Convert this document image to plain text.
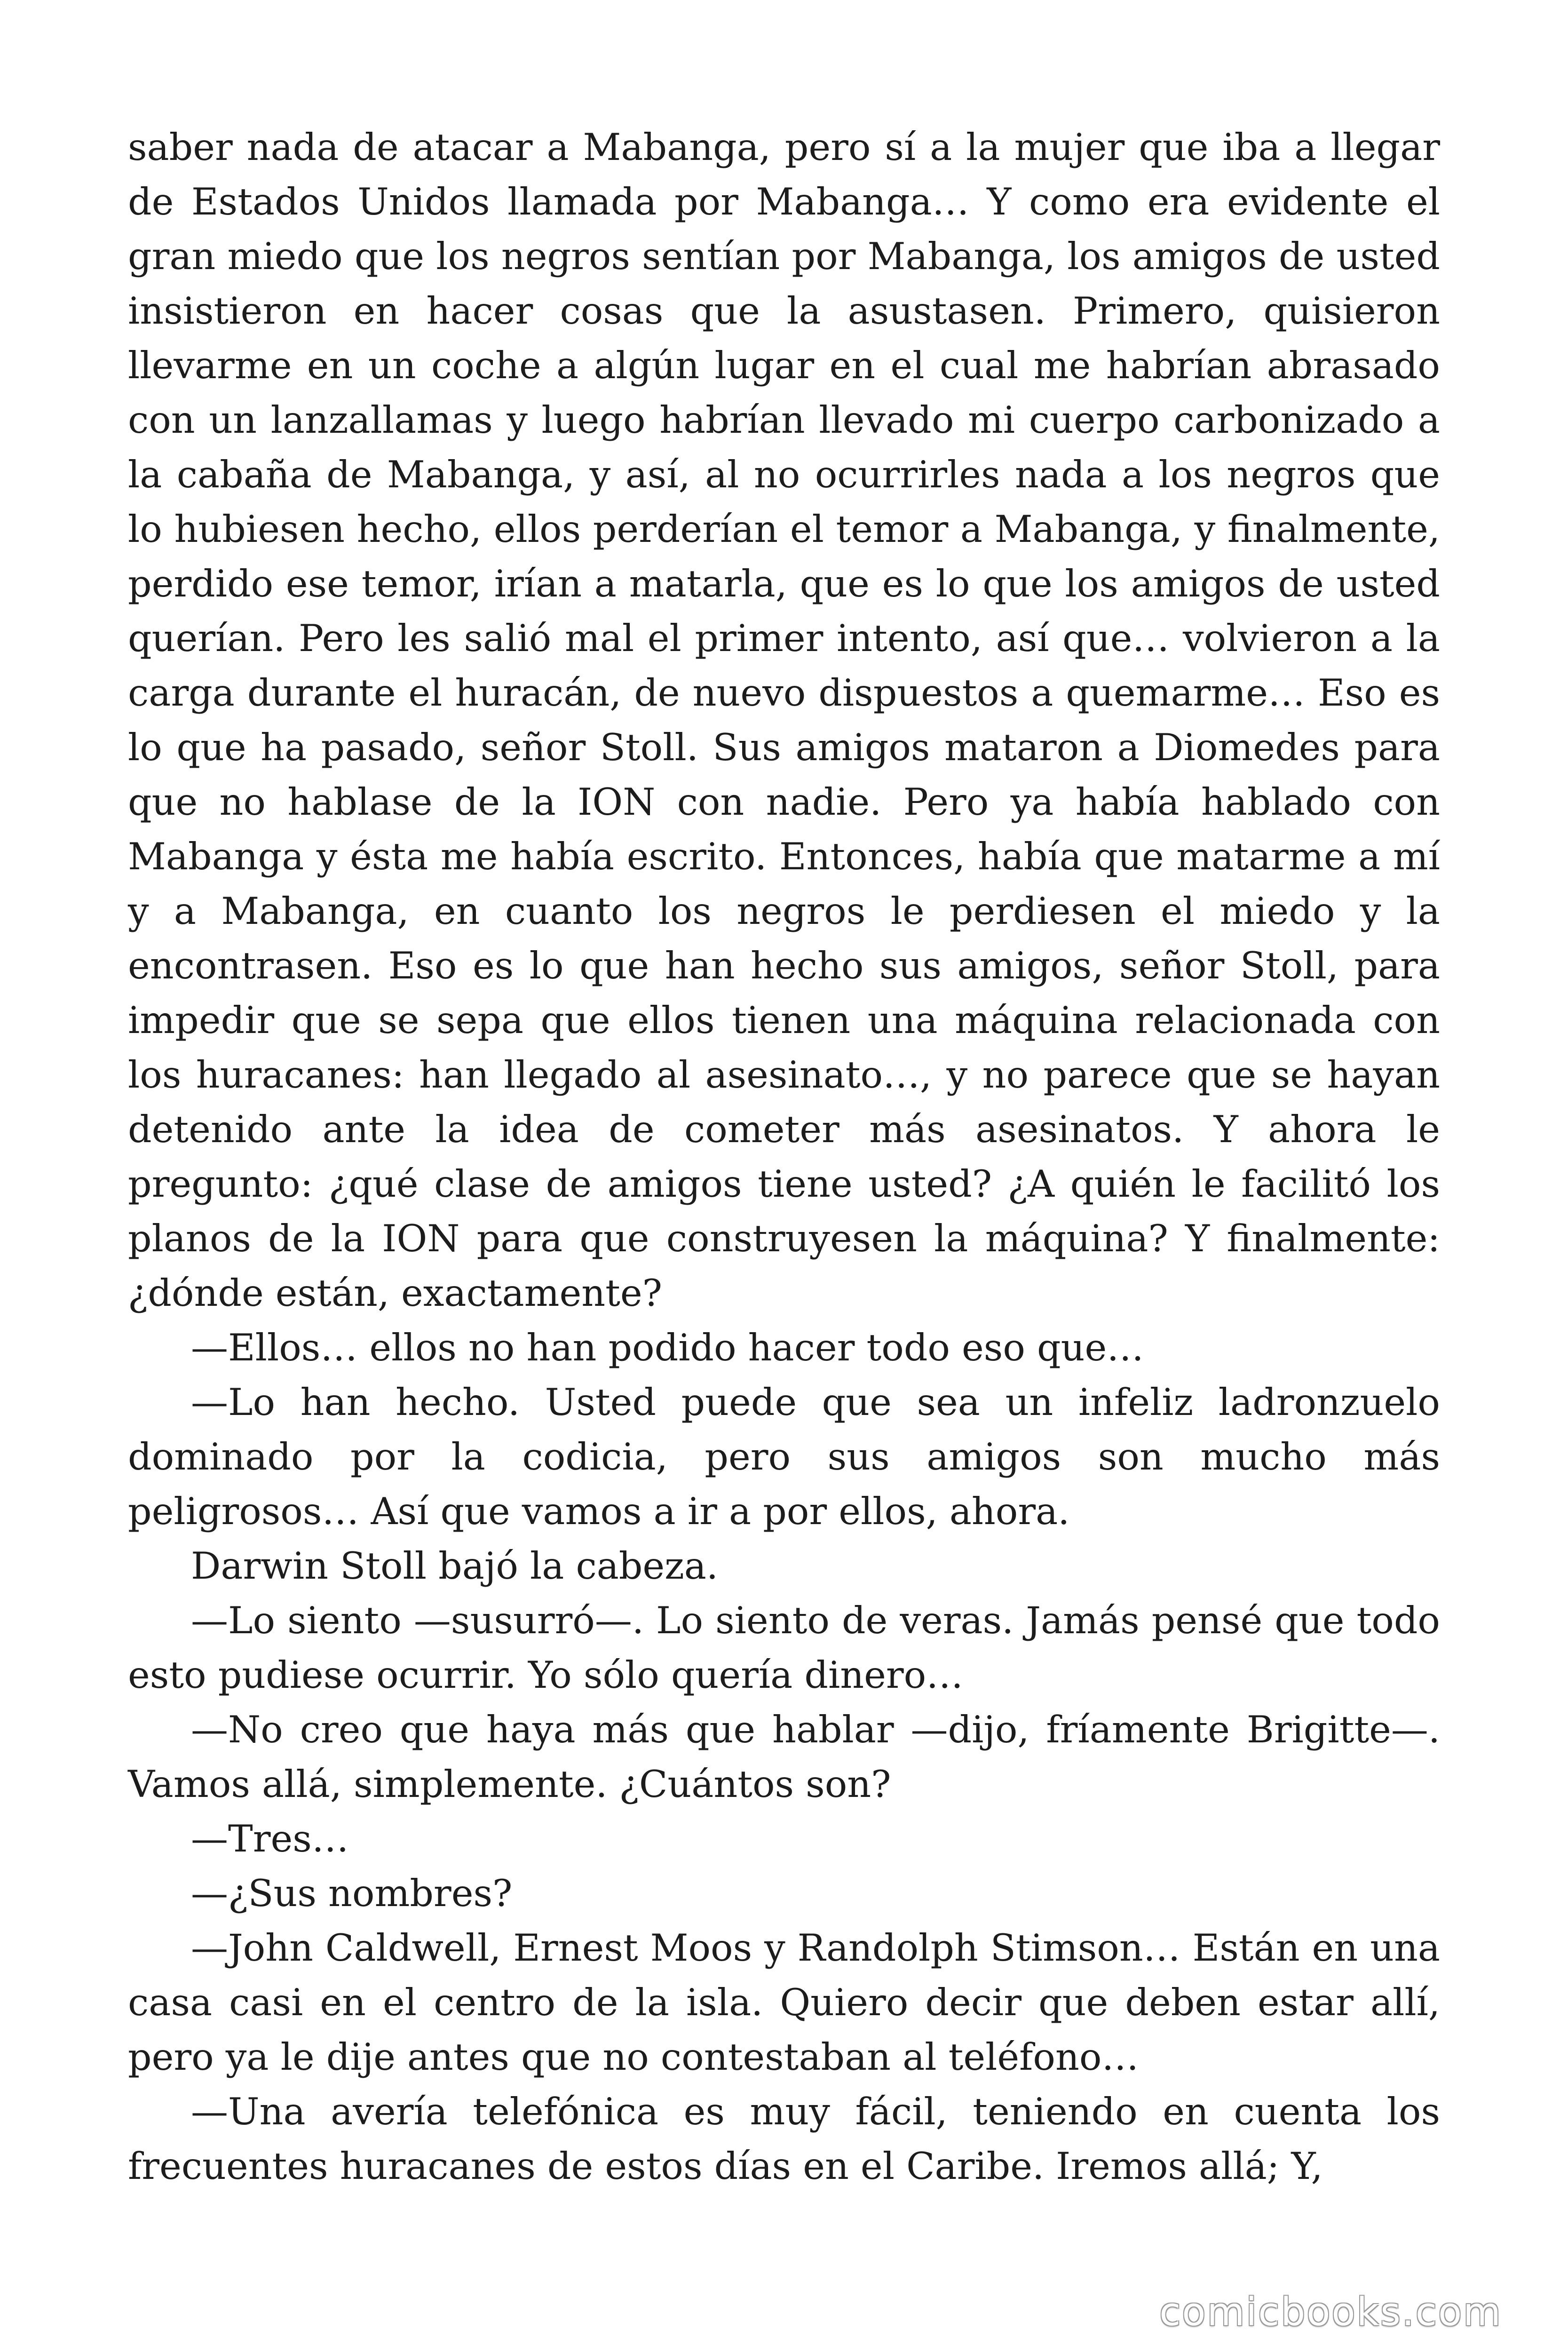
saber nada de atacar a Mabanga, pero sí a la mujer que iba a llegar de Estados Unidos llamada por Mabanga… Y como era evidente el gran miedo que los negros sentían por Mabanga, los amigos de usted insistieron en hacer cosas que la asustasen. Primero, quisieron llevarme en un coche a algún lugar en el cual me habrían abrasado con un lanzallamas y luego habrían llevado mi cuerpo carbonizado a la cabaña de Mabanga, y así, al no ocurrirles nada a los negros que lo hubiesen hecho, ellos perderían el temor a Mabanga, y finalmente, perdido ese temor, irían a matarla, que es lo que los amigos de usted querían. Pero les salió mal el primer intento, así que… volvieron a la carga durante el huracán, de nuevo dispuestos a quemarme… Eso es lo que ha pasado, señor Stoll. Sus amigos mataron a Diomedes para que no hablase de la ION con nadie. Pero ya había hablado con Mabanga y ésta me había escrito. Entonces, había que matarme a mí y a Mabanga, en cuanto los negros le perdiesen el miedo y la encontrasen. Eso es lo que han hecho sus amigos, señor Stoll, para impedir que se sepa que ellos tienen una máquina relacionada con los huracanes: han llegado al asesinato…, y no parece que se hayan detenido ante la idea de cometer más asesinatos. Y ahora le pregunto: ¿qué clase de amigos tiene usted? ¿A quién le facilitó los planos de la ION para que construyesen la máquina? Y finalmente: ¿dónde están, exactamente?

—Ellos… ellos no han podido hacer todo eso que…

—Lo han hecho. Usted puede que sea un infeliz ladronzuelo dominado por la codicia, pero sus amigos son mucho más peligrosos… Así que vamos a ir a por ellos, ahora.

Darwin Stoll bajó la cabeza.

—Lo siento —susurró—. Lo siento de veras. Jamás pensé que todo esto pudiese ocurrir. Yo sólo quería dinero…

—No creo que haya más que hablar —dijo, fríamente Brigitte—. Vamos allá, simplemente. ¿Cuántos son?

—Tres…

—¿Sus nombres?

—John Caldwell, Ernest Moos y Randolph Stimson… Están en una casa casi en el centro de la isla. Quiero decir que deben estar allí, pero ya le dije antes que no contestaban al teléfono…

—Una avería telefónica es muy fácil, teniendo en cuenta los frecuentes huracanes de estos días en el Caribe. Iremos allá; Y,

comicbooks.com
